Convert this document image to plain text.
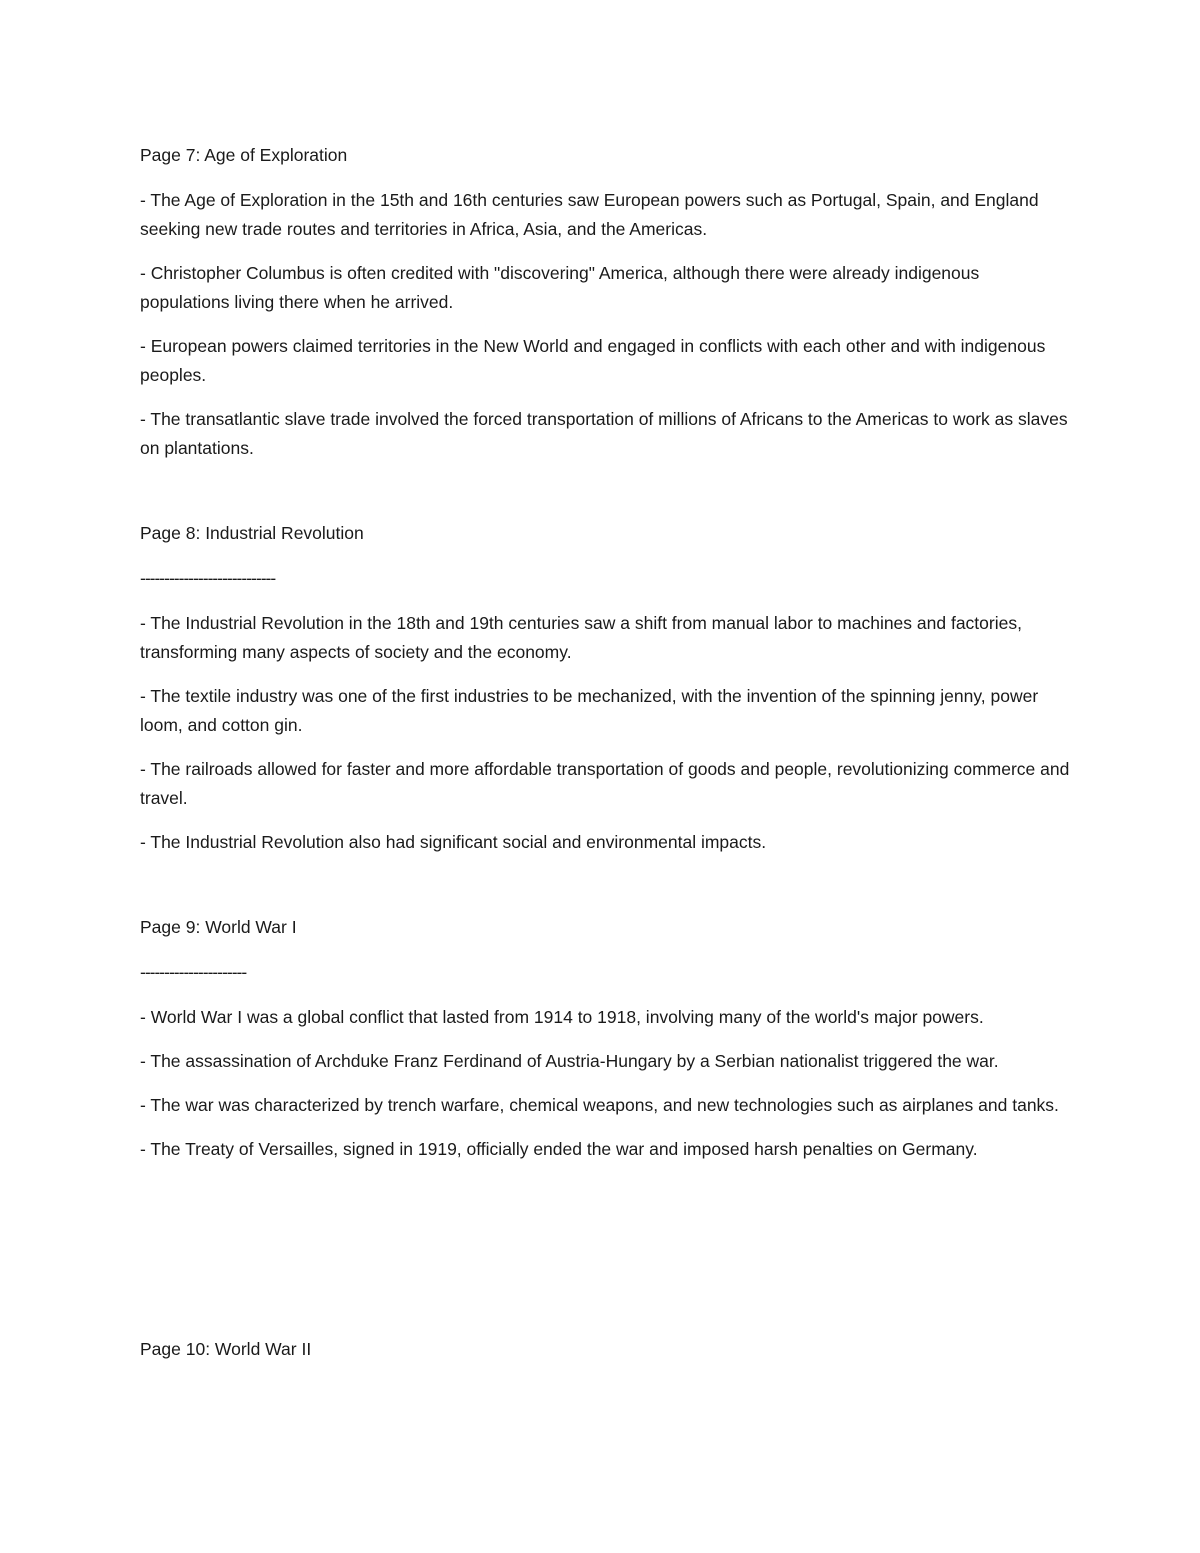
Page 7: Age of Exploration

- The Age of Exploration in the 15th and 16th centuries saw European powers such as Portugal, Spain, and England seeking new trade routes and territories in Africa, Asia, and the Americas.

- Christopher Columbus is often credited with "discovering" America, although there were already indigenous populations living there when he arrived.

- European powers claimed territories in the New World and engaged in conflicts with each other and with indigenous peoples.

- The transatlantic slave trade involved the forced transportation of millions of Africans to the Americas to work as slaves on plantations.

Page 8: Industrial Revolution

----------------------------

- The Industrial Revolution in the 18th and 19th centuries saw a shift from manual labor to machines and factories, transforming many aspects of society and the economy.

- The textile industry was one of the first industries to be mechanized, with the invention of the spinning jenny, power loom, and cotton gin.

- The railroads allowed for faster and more affordable transportation of goods and people, revolutionizing commerce and travel.

- The Industrial Revolution also had significant social and environmental impacts.

Page 9: World War I

----------------------

- World War I was a global conflict that lasted from 1914 to 1918, involving many of the world's major powers.

- The assassination of Archduke Franz Ferdinand of Austria-Hungary by a Serbian nationalist triggered the war.

- The war was characterized by trench warfare, chemical weapons, and new technologies such as airplanes and tanks.

- The Treaty of Versailles, signed in 1919, officially ended the war and imposed harsh penalties on Germany.

Page 10: World War II
